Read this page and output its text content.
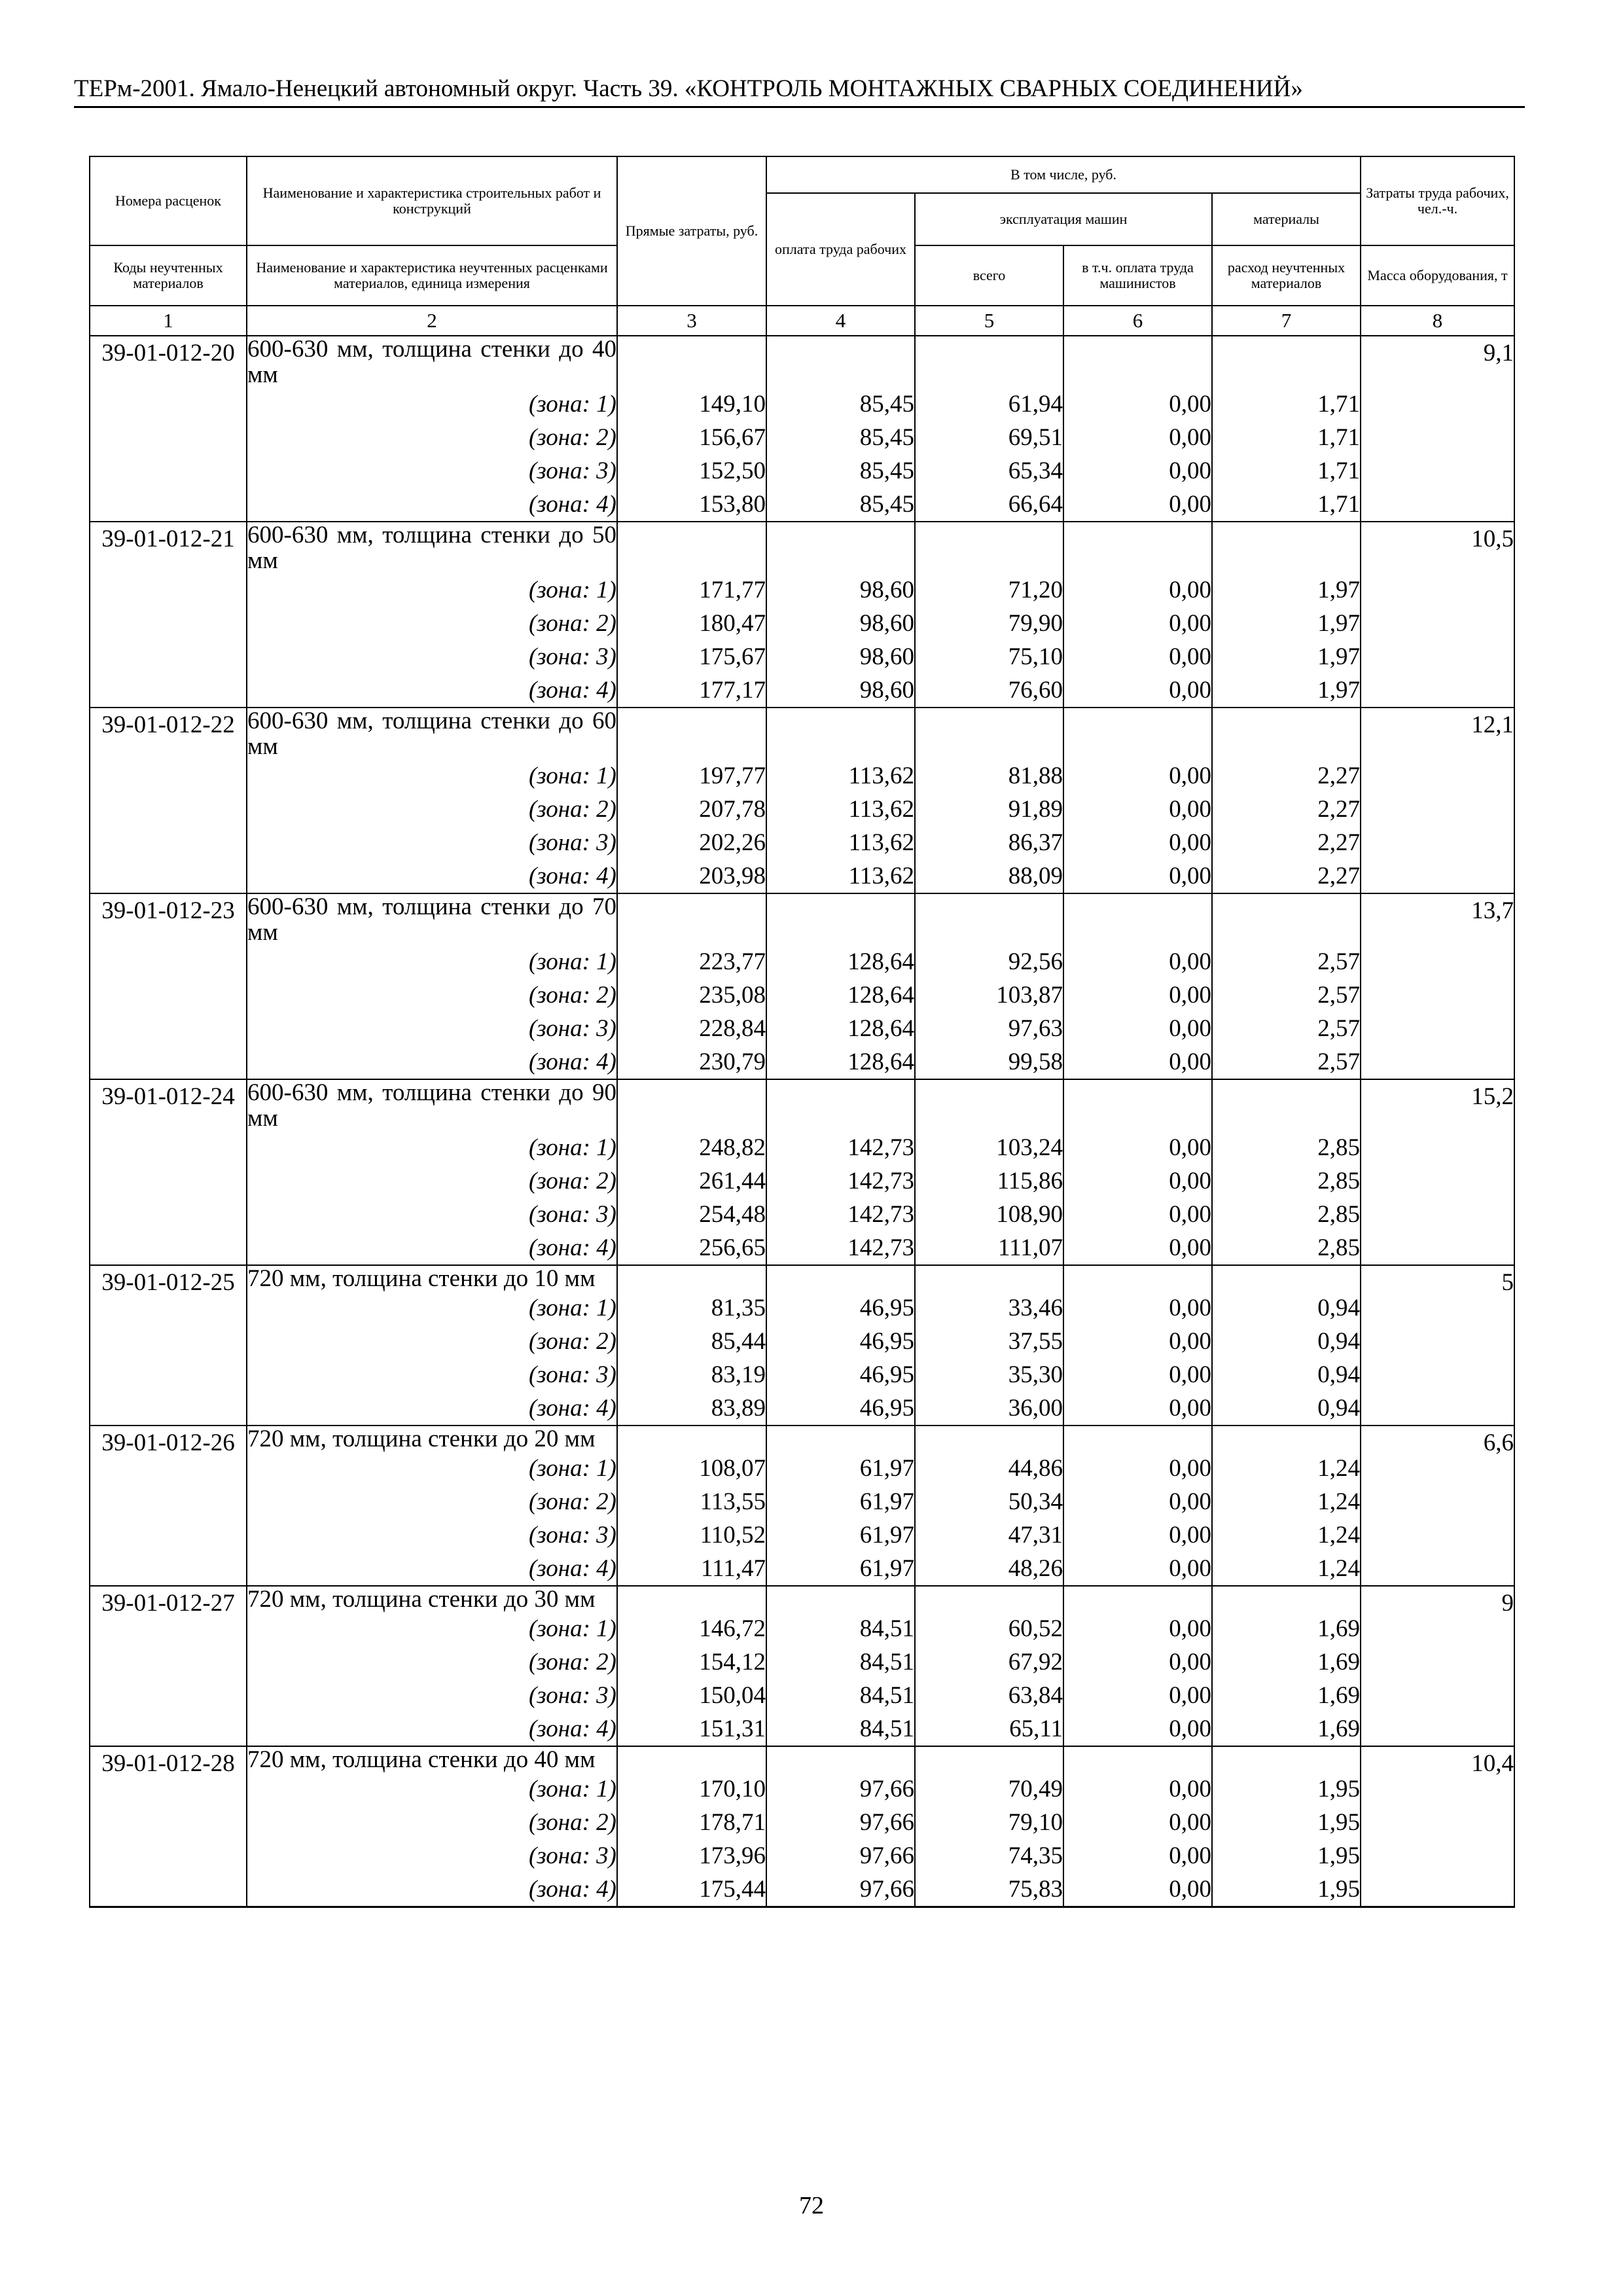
ТЕРм-2001. Ямало-Ненецкий автономный округ. Часть 39. «КОНТРОЛЬ МОНТАЖНЫХ СВАРНЫХ СОЕДИНЕНИЙ»
Номера расценок	Наименование и характеристика строительных работ и конструкций	Прямые затраты, руб.	В том числе, руб.				Затраты труда рабочих, чел.-ч.
			оплата труда рабочих	эксплуатация машин		материалы	
Коды неучтенных материалов	Наименование и характеристика неучтенных расценками материалов, единица измерения			всего	в т.ч. оплата труда машинистов	расход неучтенных материалов	Масса оборудования, т
1	2	3	4	5	6	7	8
39-01-012-20	600-630 мм, толщина стенки до 40 мм						9,1
	(зона: 1)	149,10	85,45	61,94	0,00	1,71	
	(зона: 2)	156,67	85,45	69,51	0,00	1,71	
	(зона: 3)	152,50	85,45	65,34	0,00	1,71	
	(зона: 4)	153,80	85,45	66,64	0,00	1,71	
39-01-012-21	600-630 мм, толщина стенки до 50 мм						10,5
	(зона: 1)	171,77	98,60	71,20	0,00	1,97	
	(зона: 2)	180,47	98,60	79,90	0,00	1,97	
	(зона: 3)	175,67	98,60	75,10	0,00	1,97	
	(зона: 4)	177,17	98,60	76,60	0,00	1,97	
39-01-012-22	600-630 мм, толщина стенки до 60 мм						12,1
	(зона: 1)	197,77	113,62	81,88	0,00	2,27	
	(зона: 2)	207,78	113,62	91,89	0,00	2,27	
	(зона: 3)	202,26	113,62	86,37	0,00	2,27	
	(зона: 4)	203,98	113,62	88,09	0,00	2,27	
39-01-012-23	600-630 мм, толщина стенки до 70 мм						13,7
	(зона: 1)	223,77	128,64	92,56	0,00	2,57	
	(зона: 2)	235,08	128,64	103,87	0,00	2,57	
	(зона: 3)	228,84	128,64	97,63	0,00	2,57	
	(зона: 4)	230,79	128,64	99,58	0,00	2,57	
39-01-012-24	600-630 мм, толщина стенки до 90 мм						15,2
	(зона: 1)	248,82	142,73	103,24	0,00	2,85	
	(зона: 2)	261,44	142,73	115,86	0,00	2,85	
	(зона: 3)	254,48	142,73	108,90	0,00	2,85	
	(зона: 4)	256,65	142,73	111,07	0,00	2,85	
39-01-012-25	720 мм, толщина стенки до 10 мм						5
	(зона: 1)	81,35	46,95	33,46	0,00	0,94	
	(зона: 2)	85,44	46,95	37,55	0,00	0,94	
	(зона: 3)	83,19	46,95	35,30	0,00	0,94	
	(зона: 4)	83,89	46,95	36,00	0,00	0,94	
39-01-012-26	720 мм, толщина стенки до 20 мм						6,6
	(зона: 1)	108,07	61,97	44,86	0,00	1,24	
	(зона: 2)	113,55	61,97	50,34	0,00	1,24	
	(зона: 3)	110,52	61,97	47,31	0,00	1,24	
	(зона: 4)	111,47	61,97	48,26	0,00	1,24	
39-01-012-27	720 мм, толщина стенки до 30 мм						9
	(зона: 1)	146,72	84,51	60,52	0,00	1,69	
	(зона: 2)	154,12	84,51	67,92	0,00	1,69	
	(зона: 3)	150,04	84,51	63,84	0,00	1,69	
	(зона: 4)	151,31	84,51	65,11	0,00	1,69	
39-01-012-28	720 мм, толщина стенки до 40 мм						10,4
	(зона: 1)	170,10	97,66	70,49	0,00	1,95	
	(зона: 2)	178,71	97,66	79,10	0,00	1,95	
	(зона: 3)	173,96	97,66	74,35	0,00	1,95	
	(зона: 4)	175,44	97,66	75,83	0,00	1,95	
72
